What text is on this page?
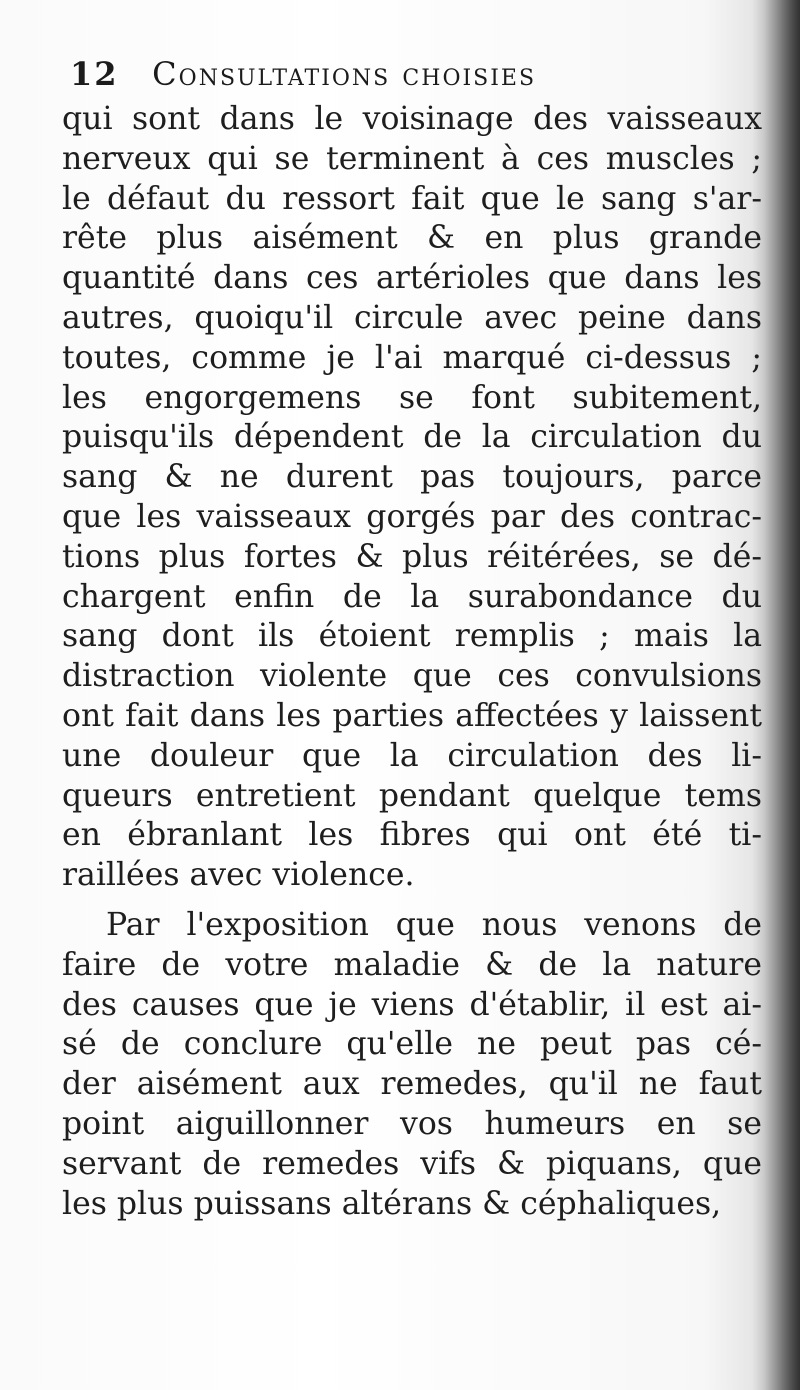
12 Consultations choisies
qui sont dans le voisinage des vaisseaux
nerveux qui se terminent à ces muscles ;
le défaut du ressort fait que le sang s'ar-
rête plus aisément & en plus grande
quantité dans ces artérioles que dans les
autres, quoiqu'il circule avec peine dans
toutes, comme je l'ai marqué ci-dessus ;
les engorgemens se font subitement,
puisqu'ils dépendent de la circulation du
sang & ne durent pas toujours, parce
que les vaisseaux gorgés par des contrac-
tions plus fortes & plus réitérées, se dé-
chargent enfin de la surabondance du
sang dont ils étoient remplis ; mais la
distraction violente que ces convulsions
ont fait dans les parties affectées y laissent
une douleur que la circulation des li-
queurs entretient pendant quelque tems
en ébranlant les fibres qui ont été ti-
raillées avec violence.
Par l'exposition que nous venons de
faire de votre maladie & de la nature
des causes que je viens d'établir, il est ai-
sé de conclure qu'elle ne peut pas cé-
der aisément aux remedes, qu'il ne faut
point aiguillonner vos humeurs en se
servant de remedes vifs & piquans, que
les plus puissans altérans & céphaliques,
